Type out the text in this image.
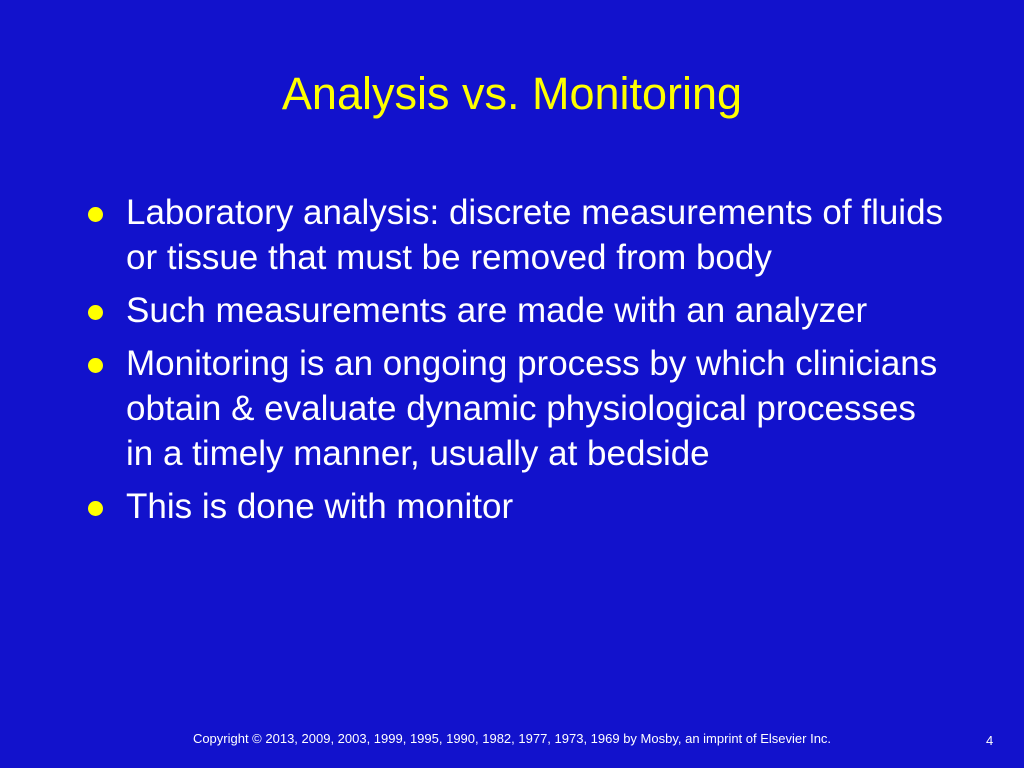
Analysis vs. Monitoring
Laboratory analysis: discrete measurements of fluids or tissue that must be removed from body
Such measurements are made with an analyzer
Monitoring is an ongoing process by which clinicians obtain & evaluate dynamic physiological processes in a timely manner, usually at bedside
This is done with monitor
Copyright © 2013, 2009, 2003, 1999, 1995, 1990, 1982, 1977, 1973, 1969 by Mosby, an imprint of Elsevier Inc.	4
